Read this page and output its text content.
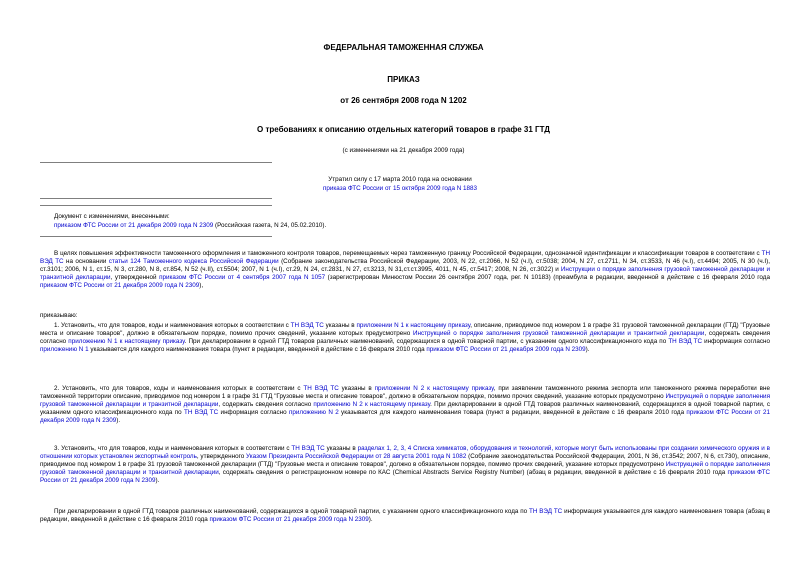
ФЕДЕРАЛЬНАЯ ТАМОЖЕННАЯ СЛУЖБА
ПРИКАЗ
от 26 сентября 2008 года N 1202
О требованиях к описанию отдельных категорий товаров в графе 31 ГТД
(с изменениями на 21 декабря 2009 года)
Утратил силу с 17 марта 2010 года на основании
приказа ФТС России от 15 октября 2009 года N 1883
Документ с изменениями, внесенными:
приказом ФТС России от 21 декабря 2009 года N 2309 (Российская газета, N 24, 05.02.2010).
В целях повышения эффективности таможенного оформления и таможенного контроля товаров, перемещаемых через таможенную границу Российской Федерации, однозначной идентификации и классификации товаров в соответствии с ТН ВЭД ТС на основании статьи 124 Таможенного кодекса Российской Федерации (Собрание законодательства Российской Федерации, 2003, N 22, ст.2066, N 52 (ч.I), ст.5038; 2004, N 27, ст.2711, N 34, ст.3533, N 46 (ч.I), ст.4494; 2005, N 30 (ч.I), ст.3101; 2006, N 1, ст.15, N 3, ст.280, N 8, ст.854, N 52 (ч.II), ст.5504; 2007, N 1 (ч.I), ст.29, N 24, ст.2831, N 27, ст.3213, N 31,ст.ст.3995, 4011, N 45, ст.5417; 2008, N 26, ст.3022) и Инструкции о порядке заполнения грузовой таможенной декларации и транзитной декларации, утвержденной приказом ФТС России от 4 сентября 2007 года N 1057 (зарегистрирован Минюстом России 26 сентября 2007 года, рег. N 10183) (преамбула в редакции, введенной в действие с 16 февраля 2010 года приказом ФТС России от 21 декабря 2009 года N 2309),
приказываю:
1. Установить, что для товаров, коды и наименования которых в соответствии с ТН ВЭД ТС указаны в приложении N 1 к настоящему приказу, описание, приводимое под номером 1 в графе 31 грузовой таможенной декларации (ГТД) "Грузовые места и описание товаров", должно в обязательном порядке, помимо прочих сведений, указание которых предусмотрено Инструкцией о порядке заполнения грузовой таможенной декларации и транзитной декларации, содержать сведения согласно приложению N 1 к настоящему приказу. При декларировании в одной ГТД товаров различных наименований, содержащихся в одной товарной партии, с указанием одного классификационного кода по ТН ВЭД ТС информация согласно приложению N 1 указывается для каждого наименования товара (пункт в редакции, введенной в действие с 16 февраля 2010 года приказом ФТС России от 21 декабря 2009 года N 2309).
2. Установить, что для товаров, коды и наименования которых в соответствии с ТН ВЭД ТС указаны в приложении N 2 к настоящему приказу, при заявлении таможенного режима экспорта или таможенного режима переработки вне таможенной территории описание, приводимое под номером 1 в графе 31 ГТД "Грузовые места и описание товаров", должно в обязательном порядке, помимо прочих сведений, указание которых предусмотрено Инструкцией о порядке заполнения грузовой таможенной декларации и транзитной декларации, содержать сведения согласно приложению N 2 к настоящему приказу. При декларировании в одной ГТД товаров различных наименований, содержащихся в одной товарной партии, с указанием одного классификационного кода по ТН ВЭД ТС информация согласно приложению N 2 указывается для каждого наименования товара (пункт в редакции, введенной в действие с 16 февраля 2010 года приказом ФТС России от 21 декабря 2009 года N 2309).
3. Установить, что для товаров, коды и наименования которых в соответствии с ТН ВЭД ТС указаны в разделах 1, 2, 3, 4 Списка химикатов, оборудования и технологий, которые могут быть использованы при создании химического оружия и в отношении которых установлен экспортный контроль, утвержденного Указом Президента Российской Федерации от 28 августа 2001 года N 1082 (Собрание законодательства Российской Федерации, 2001, N 36, ст.3542; 2007, N 6, ст.730), описание, приводимое под номером 1 в графе 31 грузовой таможенной декларации (ГТД) "Грузовые места и описание товаров", должно в обязательном порядке, помимо прочих сведений, указание которых предусмотрено Инструкцией о порядке заполнения грузовой таможенной декларации и транзитной декларации, содержать сведения о регистрационном номере по КАС (Chemical Abstracts Service Registry Number) (абзац в редакции, введенной в действие с 16 февраля 2010 года приказом ФТС России от 21 декабря 2009 года N 2309).
При декларировании в одной ГТД товаров различных наименований, содержащихся в одной товарной партии, с указанием одного классификационного кода по ТН ВЭД ТС информация указывается для каждого наименования товара (абзац в редакции, введенной в действие с 16 февраля 2010 года приказом ФТС России от 21 декабря 2009 года N 2309).
